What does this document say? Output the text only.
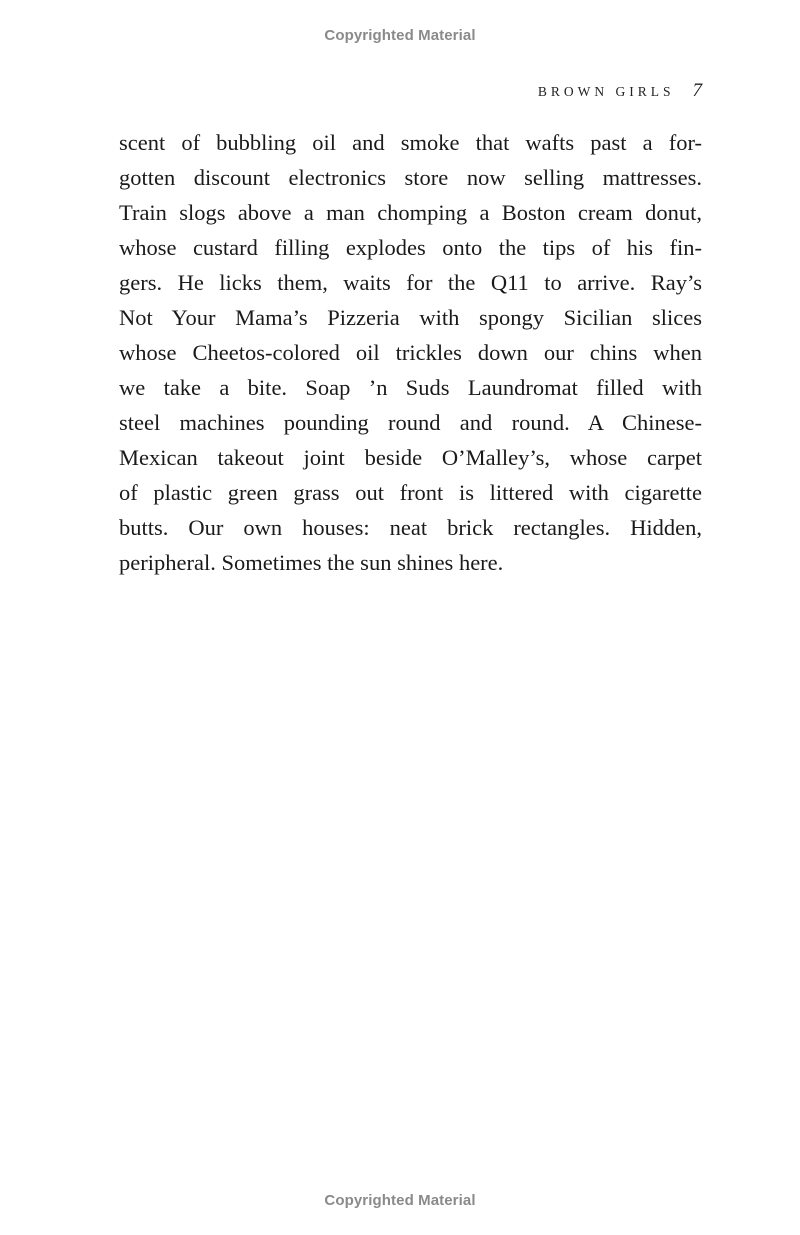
Copyrighted Material
BROWN GIRLS 7
scent of bubbling oil and smoke that wafts past a for-
gotten discount electronics store now selling mattresses.
Train slogs above a man chomping a Boston cream donut,
whose custard filling explodes onto the tips of his fin-
gers. He licks them, waits for the Q11 to arrive. Ray’s
Not Your Mama’s Pizzeria with spongy Sicilian slices
whose Cheetos-colored oil trickles down our chins when
we take a bite. Soap ’n Suds Laundromat filled with
steel machines pounding round and round. A Chinese-
Mexican takeout joint beside O’Malley’s, whose carpet
of plastic green grass out front is littered with cigarette
butts. Our own houses: neat brick rectangles. Hidden,
peripheral. Sometimes the sun shines here.
Copyrighted Material
